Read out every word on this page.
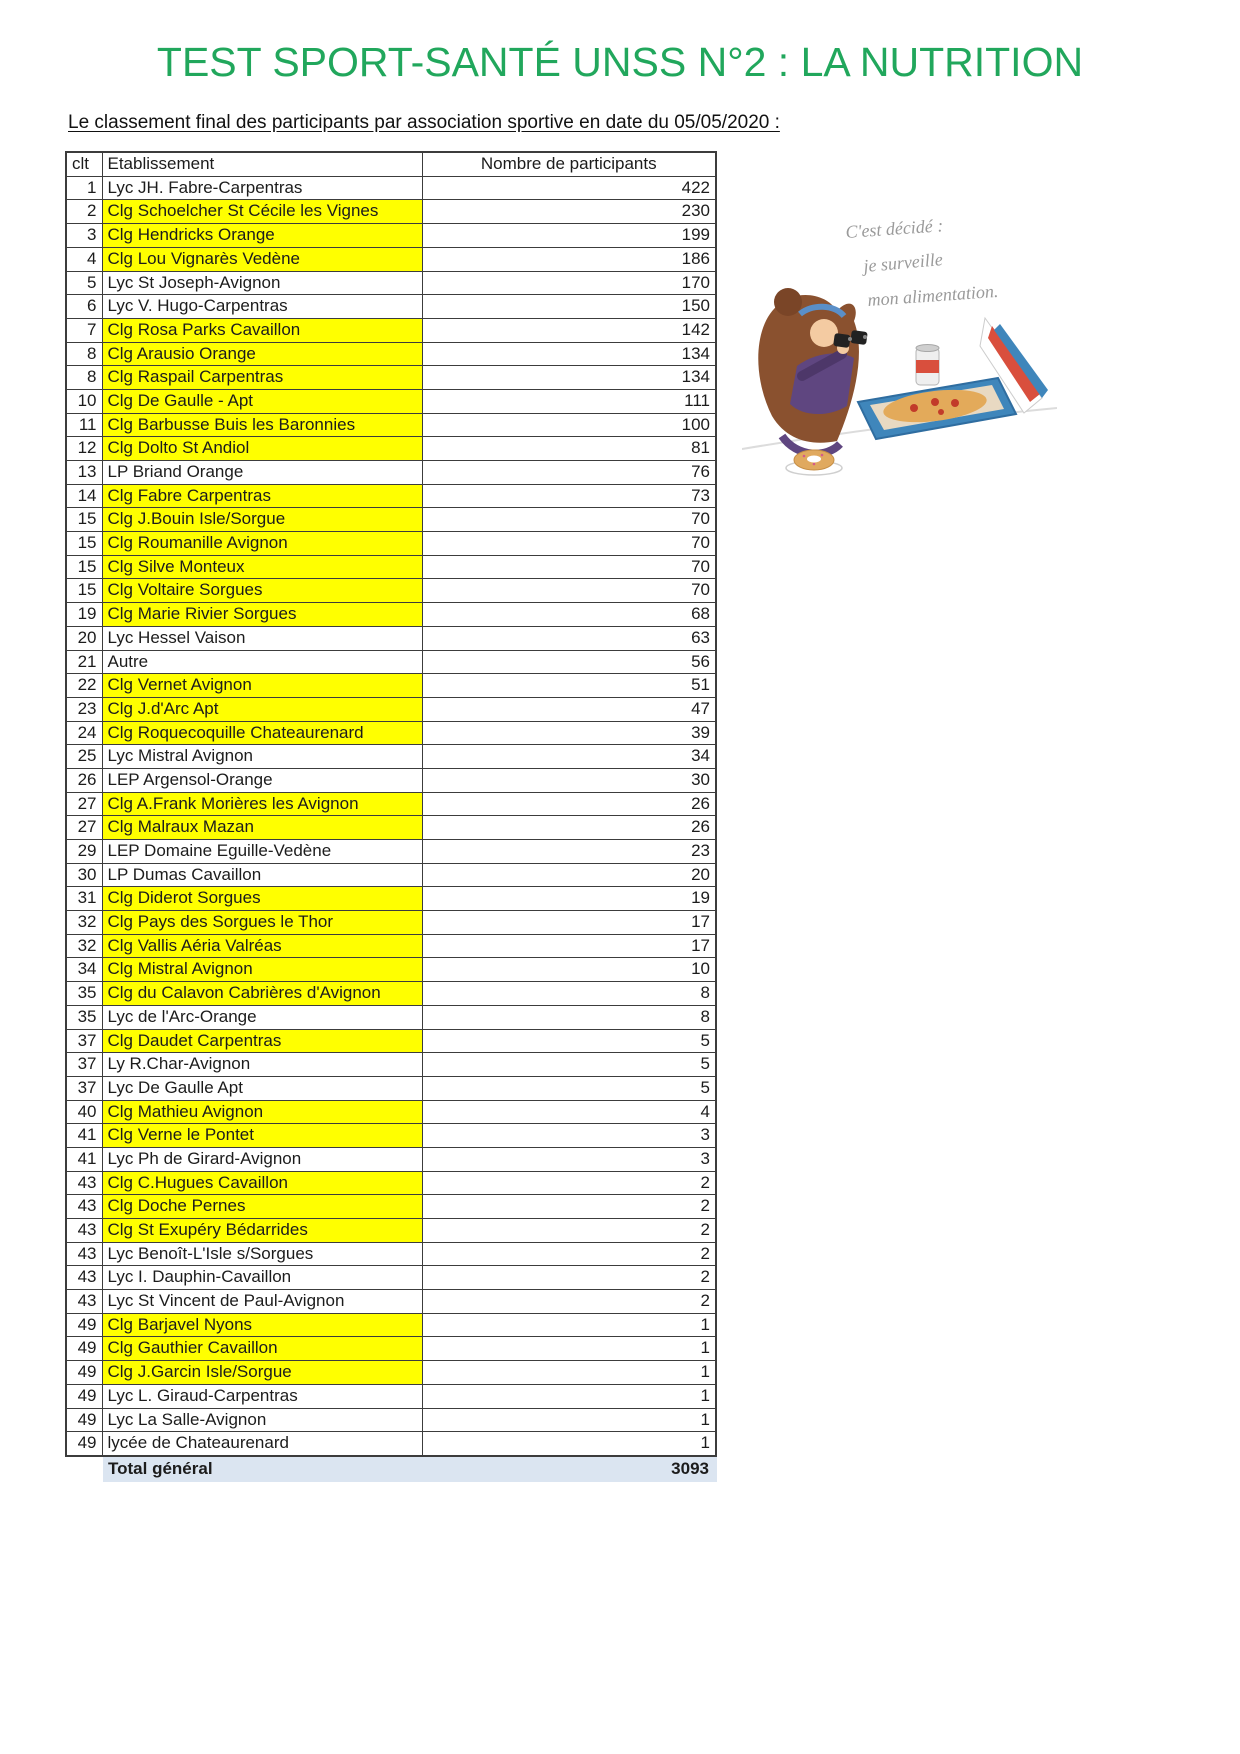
TEST SPORT-SANTÉ UNSS N°2 : LA NUTRITION

Le classement final des participants par association sportive en date du 05/05/2020 :

clt	Etablissement	Nombre de participants
1	Lyc JH. Fabre-Carpentras	422
2	Clg Schoelcher St Cécile les Vignes	230
3	Clg Hendricks Orange	199
4	Clg Lou Vignarès Vedène	186
5	Lyc St Joseph-Avignon	170
6	Lyc V. Hugo-Carpentras	150
7	Clg Rosa Parks Cavaillon	142
8	Clg Arausio Orange	134
8	Clg Raspail Carpentras	134
10	Clg De Gaulle - Apt	111
11	Clg Barbusse Buis les Baronnies	100
12	Clg Dolto St Andiol	81
13	LP Briand Orange	76
14	Clg Fabre Carpentras	73
15	Clg J.Bouin Isle/Sorgue	70
15	Clg Roumanille Avignon	70
15	Clg Silve Monteux	70
15	Clg Voltaire Sorgues	70
19	Clg Marie Rivier Sorgues	68
20	Lyc Hessel Vaison	63
21	Autre	56
22	Clg Vernet Avignon	51
23	Clg J.d'Arc Apt	47
24	Clg Roquecoquille Chateaurenard	39
25	Lyc Mistral Avignon	34
26	LEP Argensol-Orange	30
27	Clg A.Frank Morières les Avignon	26
27	Clg Malraux Mazan	26
29	LEP Domaine Eguille-Vedène	23
30	LP Dumas Cavaillon	20
31	Clg Diderot Sorgues	19
32	Clg Pays des Sorgues le Thor	17
32	Clg Vallis Aéria Valréas	17
34	Clg Mistral Avignon	10
35	Clg du Calavon Cabrières d'Avignon	8
35	Lyc de l'Arc-Orange	8
37	Clg Daudet Carpentras	5
37	Ly R.Char-Avignon	5
37	Lyc De Gaulle Apt	5
40	Clg Mathieu Avignon	4
41	Clg Verne le Pontet	3
41	Lyc Ph de Girard-Avignon	3
43	Clg C.Hugues Cavaillon	2
43	Clg Doche Pernes	2
43	Clg St Exupéry Bédarrides	2
43	Lyc Benoît-L'Isle s/Sorgues	2
43	Lyc I. Dauphin-Cavaillon	2
43	Lyc St Vincent de Paul-Avignon	2
49	Clg Barjavel Nyons	1
49	Clg Gauthier Cavaillon	1
49	Clg J.Garcin Isle/Sorgue	1
49	Lyc L. Giraud-Carpentras	1
49	Lyc La Salle-Avignon	1
49	lycée de Chateaurenard	1
Total général	3093
C'est décidé :
je surveille
mon alimentation.
